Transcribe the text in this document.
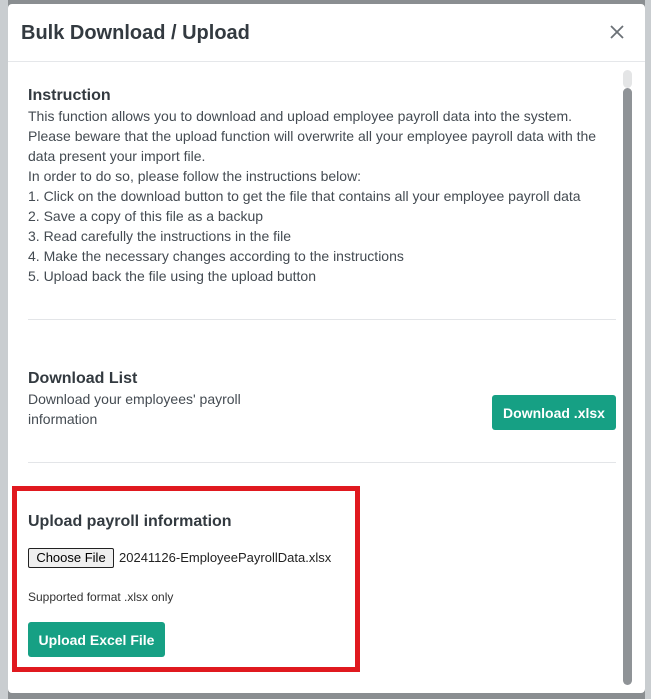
Bulk Download / Upload
Instruction
This function allows you to download and upload employee payroll data into the system.
Please beware that the upload function will overwrite all your employee payroll data with the
data present your import file.
In order to do so, please follow the instructions below:
1. Click on the download button to get the file that contains all your employee payroll data
2. Save a copy of this file as a backup
3. Read carefully the instructions in the file
4. Make the necessary changes according to the instructions
5. Upload back the file using the upload button
Download List
Download your employees' payroll
information	Download .xlsx
Upload payroll information
Choose File	20241126-EmployeePayrollData.xlsx
Supported format .xlsx only
Upload Excel File
